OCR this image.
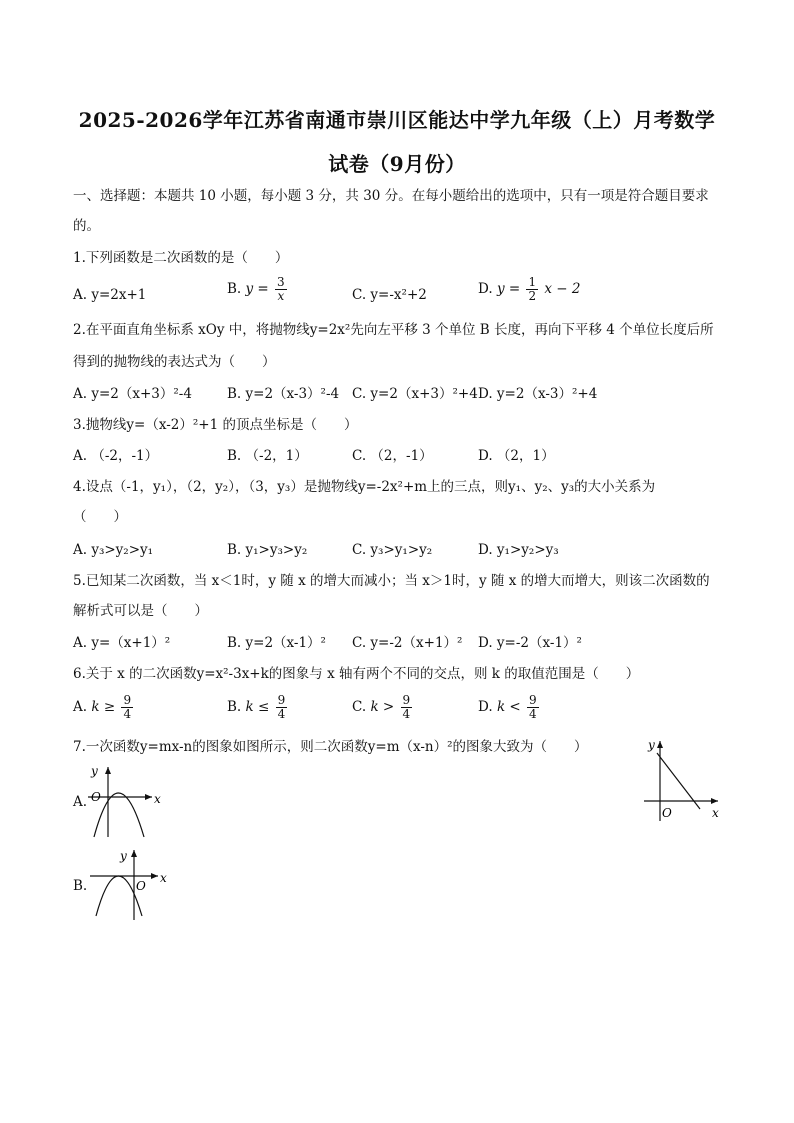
2025-2026学年江苏省南通市崇川区能达中学九年级（上）月考数学
试卷（9月份）
一、选择题：本题共 10 小题，每小题 3 分，共 30 分。在每小题给出的选项中，只有一项是符合题目要求
的。
1.下列函数是二次函数的是（　　）
A. y=2x+1	B. $y = \frac{3}{x}$	C. y=-x²+2	D. $y = \frac{1}{2}$ x − 2
2.在平面直角坐标系 xOy 中，将抛物线y=2x²先向左平移 3 个单位 B 长度，再向下平移 4 个单位长度后所
得到的抛物线的表达式为（　　）
A. y=2（x+3）²-4	B. y=2（x-3）²-4 C. y=2（x+3）²+4 D. y=2（x-3）²+4
3.抛物线y=（x-2）²+1 的顶点坐标是（　　）
A. （-2，-1）	B. （-2，1）	C. （2，-1）	D. （2，1）
4.设点（-1，y₁），（2，y₂），（3，y₃）是抛物线y=-2x²+m上的三点，则y₁、y₂、y₃的大小关系为
（　　）
A. y₃>y₂>y₁	B. y₁>y₃>y₂	C. y₃>y₁>y₂	D. y₁>y₂>y₃
5.已知某二次函数，当 x＜1时，y 随 x 的增大而减小；当 x＞1时，y 随 x 的增大而增大，则该二次函数的
解析式可以是（　　）
A. y=（x+1）²	B. y=2（x-1）² C. y=-2（x+1）² D. y=-2（x-1）²
6.关于 x 的二次函数y=x²-3x+k的图象与 x 轴有两个不同的交点，则 k 的取值范围是（　　）
A. $k \ge \frac{9}{4}$	B. $k \le \frac{9}{4}$	C. $k > \frac{9}{4}$	D. $k < \frac{9}{4}$
7.一次函数y=mx-n的图象如图所示，则二次函数y=m（x-n）²的图象大致为（　　）	y
x
O
A.
y
x
O
B.
y
x
O
